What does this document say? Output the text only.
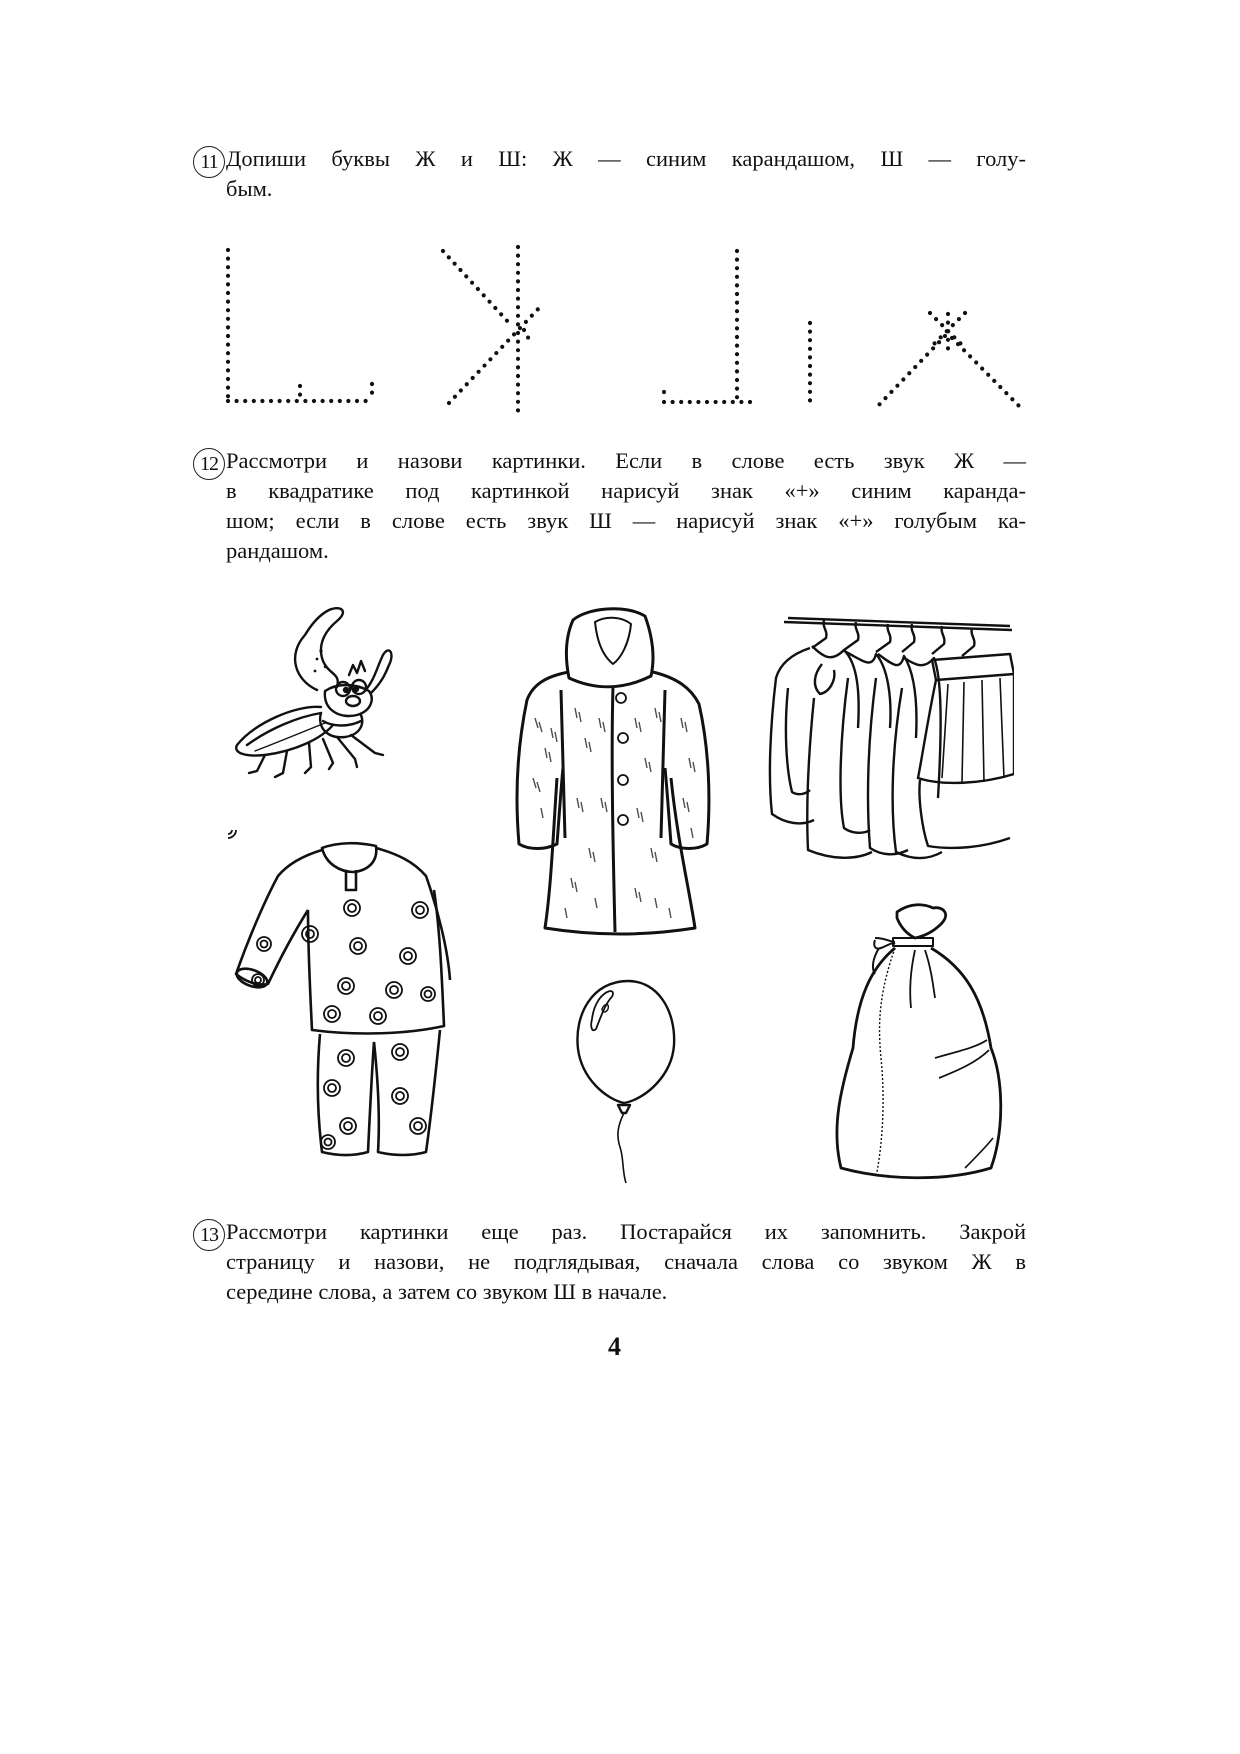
11 Допиши буквы Ж и Ш: Ж — синим карандашом, Ш — голу-
бым.

12 Рассмотри и назови картинки. Если в слове есть звук Ж —
в квадратике под картинкой нарисуй знак «+» синим каранда-
шом; если в слове есть звук Ш — нарисуй знак «+» голубым ка-
рандашом.

13 Рассмотри картинки еще раз. Постарайся их запомнить. Закрой
страницу и назови, не подглядывая, сначала слова со звуком Ж в
середине слова, а затем со звуком Ш в начале.

4
